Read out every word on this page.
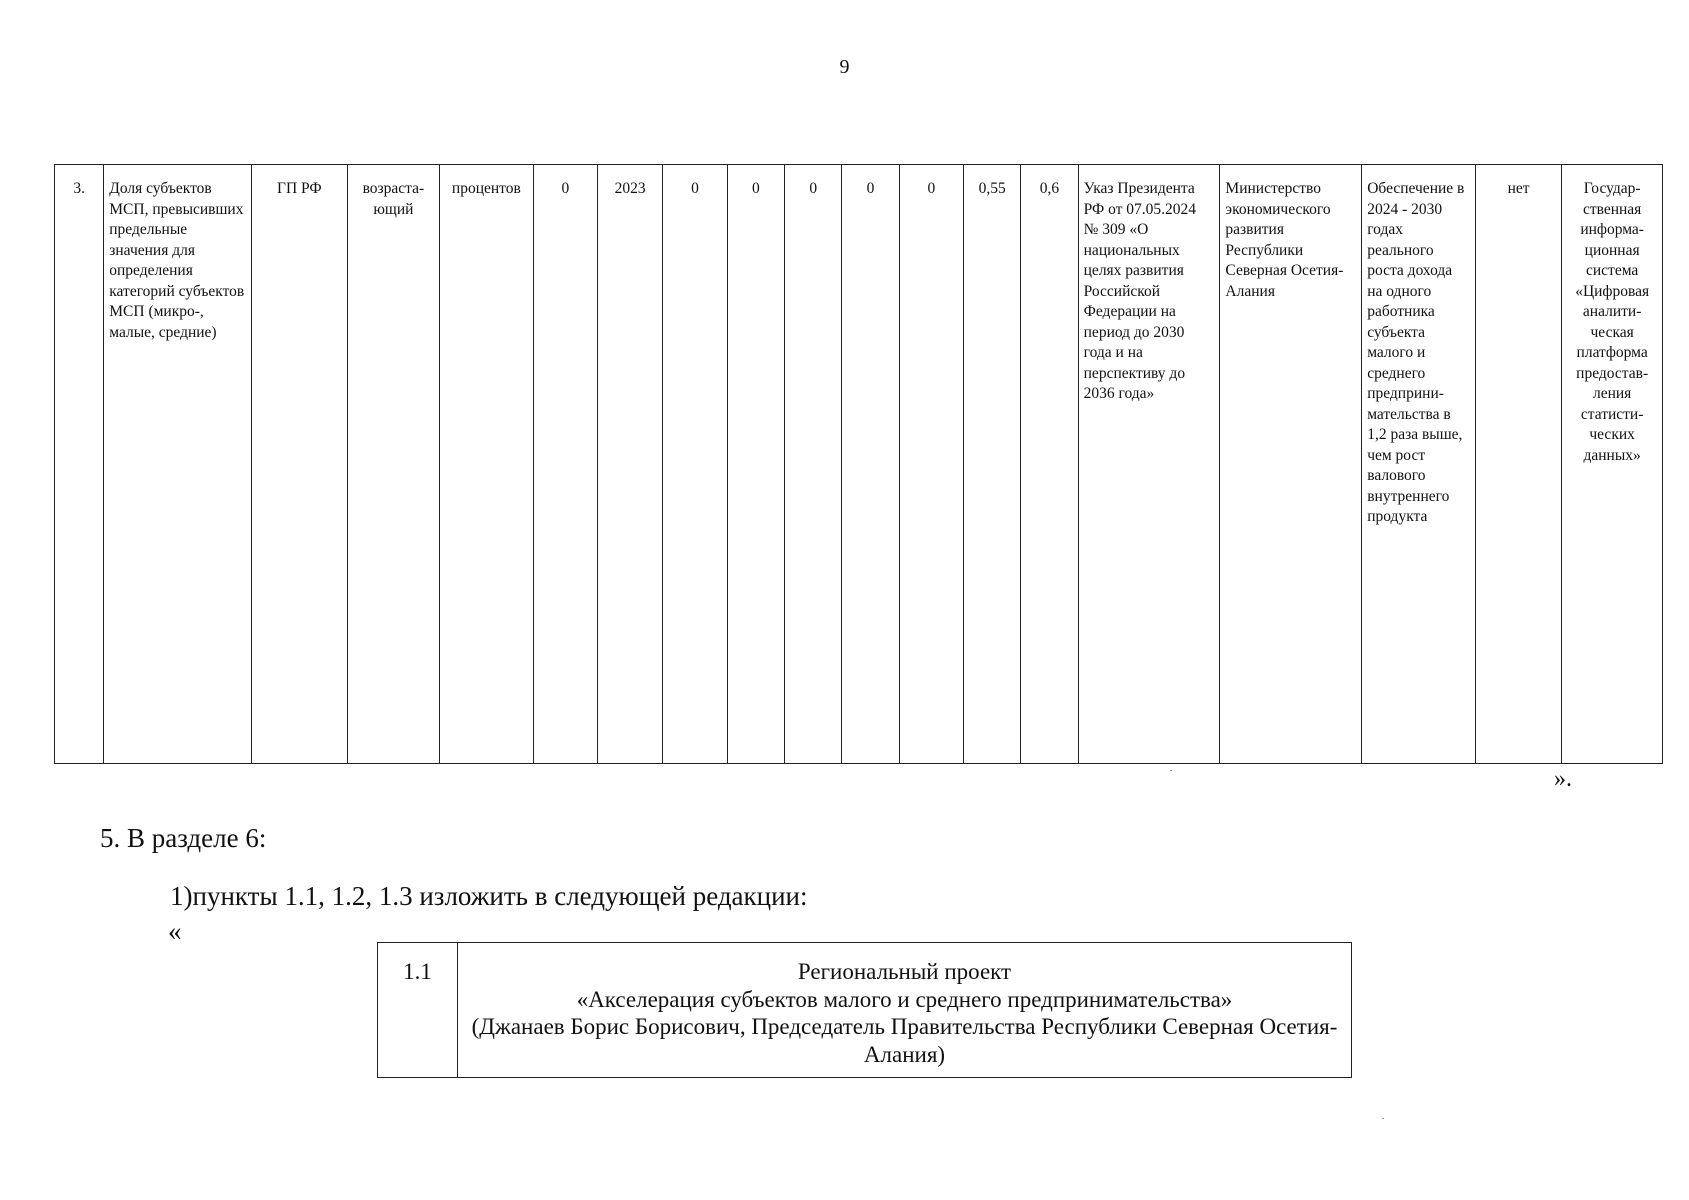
9
3.	Доля субъектов МСП, превысивших предельные значения для определения категорий субъектов МСП (микро-, малые, средние)	ГП РФ	возраста-ющий	процентов	0	2023	0	0	0	0	0	0,55	0,6	Указ Президента РФ от 07.05.2024 № 309 «О национальных целях развития Российской Федерации на период до 2030 года и на перспективу до 2036 года»	Министерство экономического развития Республики Северная Осетия-Алания	Обеспечение в 2024 - 2030 годах реального роста дохода на одного работника субъекта малого и среднего предприни-мательства в 1,2 раза выше, чем рост валового внутреннего продукта	нет	Государ-ственная информа-ционная система «Цифровая аналити-ческая платформа предостав-ления статисти-ческих данных»
».
5. В разделе 6:
1)пункты 1.1, 1.2, 1.3 изложить в следующей редакции:
«
1.1	Региональный проект
«Акселерация субъектов малого и среднего предпринимательства»
(Джанаев Борис Борисович, Председатель Правительства Республики Северная Осетия-Алания)
